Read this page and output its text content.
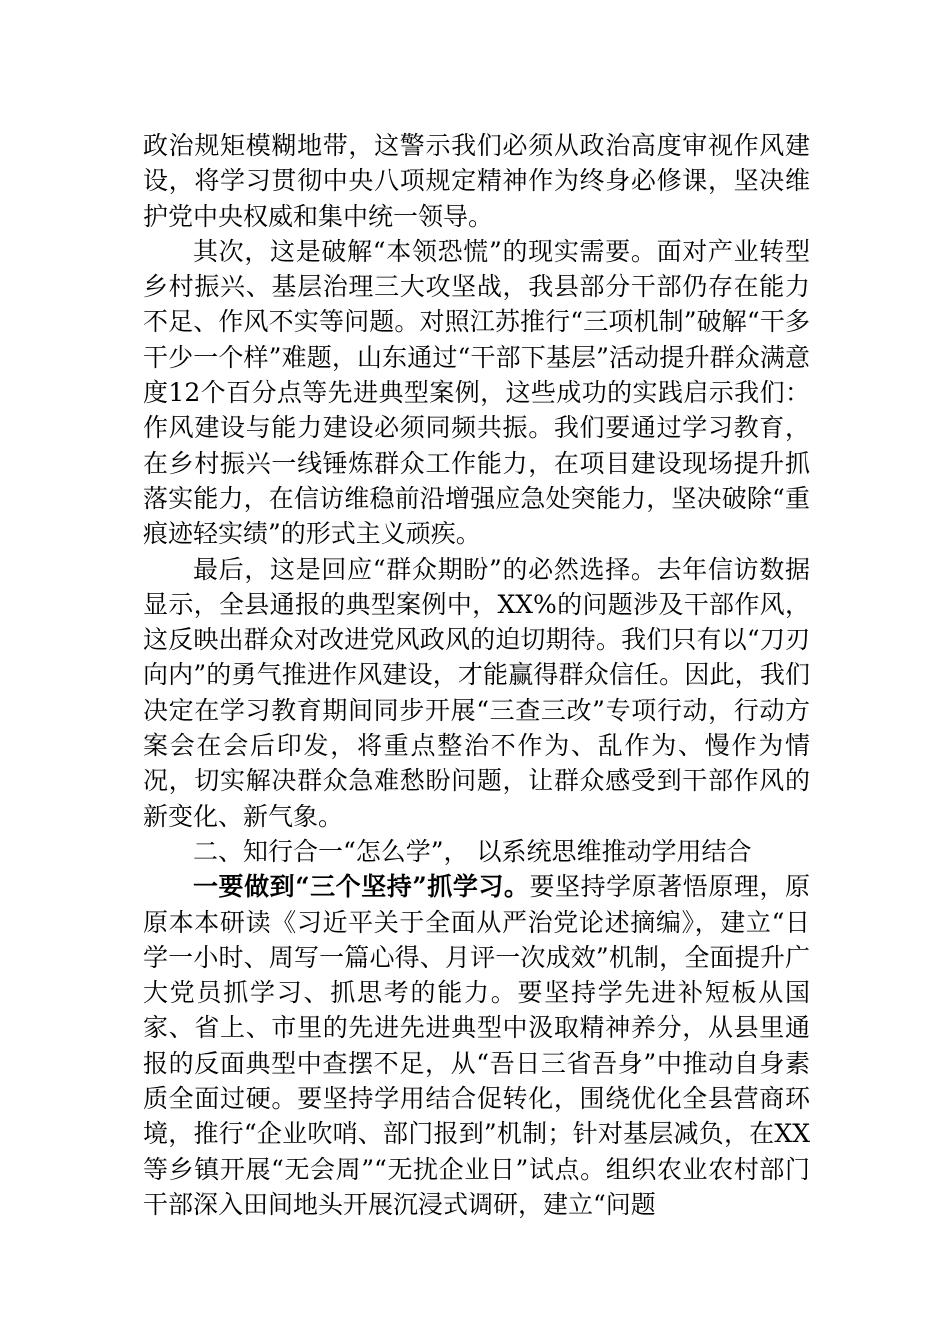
政治规矩模糊地带，这警示我们必须从政治高度审视作风建设，将学习贯彻中央八项规定精神作为终身必修课，坚决维护党中央权威和集中统一领导。

其次，这是破解“本领恐慌”的现实需要。面对产业转型乡村振兴、基层治理三大攻坚战，我县部分干部仍存在能力不足、作风不实等问题。对照江苏推行“三项机制”破解“干多干少一个样”难题，山东通过“干部下基层”活动提升群众满意度12个百分点等先进典型案例，这些成功的实践启示我们：作风建设与能力建设必须同频共振。我们要通过学习教育，在乡村振兴一线锤炼群众工作能力，在项目建设现场提升抓落实能力，在信访维稳前沿增强应急处突能力，坚决破除“重痕迹轻实绩”的形式主义顽疾。

最后，这是回应“群众期盼”的必然选择。去年信访数据显示，全县通报的典型案例中，XX%的问题涉及干部作风，这反映出群众对改进党风政风的迫切期待。我们只有以“刀刃向内”的勇气推进作风建设，才能赢得群众信任。因此，我们决定在学习教育期间同步开展“三查三改”专项行动，行动方案会在会后印发，将重点整治不作为、乱作为、慢作为情况，切实解决群众急难愁盼问题，让群众感受到干部作风的新变化、新气象。

二、知行合一“怎么学”， 以系统思维推动学用结合

一要做到“三个坚持”抓学习。要坚持学原著悟原理，原原本本研读《习近平关于全面从严治党论述摘编》，建立“日学一小时、周写一篇心得、月评一次成效”机制，全面提升广大党员抓学习、抓思考的能力。要坚持学先进补短板从国家、省上、市里的先进先进典型中汲取精神养分，从县里通报的反面典型中查摆不足，从“吾日三省吾身”中推动自身素质全面过硬。要坚持学用结合促转化，围绕优化全县营商环境，推行“企业吹哨、部门报到”机制；针对基层减负，在XX等乡镇开展“无会周”“无扰企业日”试点。组织农业农村部门干部深入田间地头开展沉浸式调研，建立“问题
